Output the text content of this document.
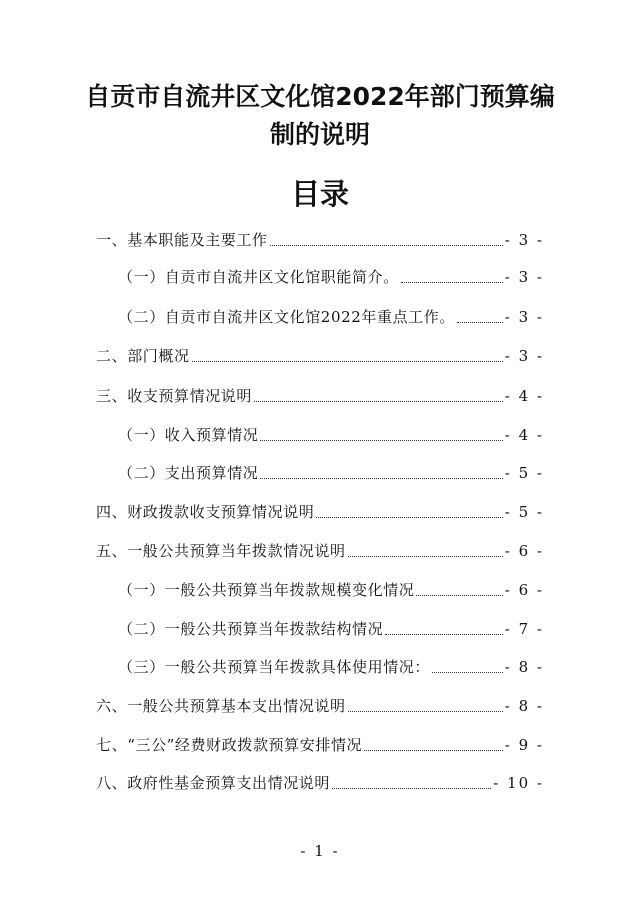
自贡市自流井区文化馆2022年部门预算编
制的说明
目录
一、基本职能及主要工作	- 3 -
（一）自贡市自流井区文化馆职能简介。	- 3 -
（二）自贡市自流井区文化馆2022年重点工作。	- 3 -
二、部门概况	- 3 -
三、收支预算情况说明	- 4 -
（一）收入预算情况	- 4 -
（二）支出预算情况	- 5 -
四、财政拨款收支预算情况说明	- 5 -
五、一般公共预算当年拨款情况说明	- 6 -
（一）一般公共预算当年拨款规模变化情况	- 6 -
（二）一般公共预算当年拨款结构情况	- 7 -
（三）一般公共预算当年拨款具体使用情况：	- 8 -
六、一般公共预算基本支出情况说明	- 8 -
七、“三公”经费财政拨款预算安排情况	- 9 -
八、政府性基金预算支出情况说明	- 10 -
- 1 -
